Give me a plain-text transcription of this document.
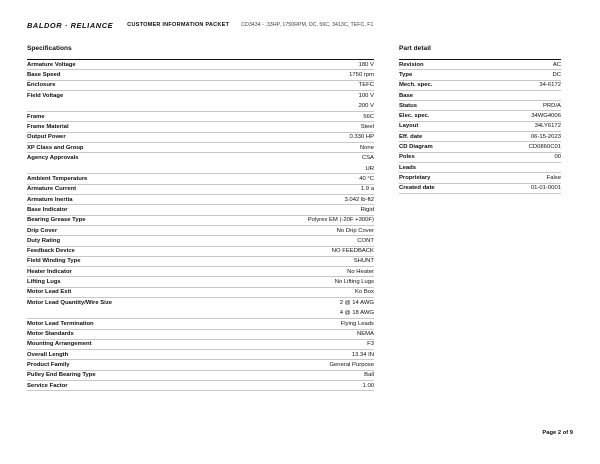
BALDOR · RELIANCE	CUSTOMER INFORMATION PACKET CD3434 - .33HP, 1750RPM, DC, 56C, 3413C, TEFC, F1
Specifications	Part detail
Armature Voltage	180 V
Base Speed	1750 rpm
Enclosure	TEFC
Field Voltage	100 V
200 V
Frame	56C
Frame Material	Steel
Output Power	0.330 HP
XP Class and Group	None
Agency Approvals	CSA
UR
Ambient Temperature	40 °C
Armature Current	1.9 a
Armature Inertia	3.042 lb-ft2
Base Indicator	Rigid
Bearing Grease Type	Polyrex EM (-20F +300F)
Drip Cover	No Drip Cover
Duty Rating	CONT
Feedback Device	NO FEEDBACK
Field Winding Type	SHUNT
Heater Indicator	No Heater
Lifting Lugs	No Lifting Lugs
Motor Lead Exit	Ko Box
Motor Lead Quantity/Wire Size	2 @ 14 AWG
4 @ 18 AWG
Motor Lead Termination	Flying Leads
Motor Standards	NEMA
Mounting Arrangement	F3
Overall Length	13.34 IN
Product Family	General Purpose
Pulley End Bearing Type	Ball
Service Factor	1.00
Revision	AC
Type	DC
Mech. spec.	34-6172
Base
Status	PRD/A
Elec. spec.	34WG4006
Layout	34LY6172
Eff. date	06-15-2023
CD Diagram	CD0860C01
Poles	00
Leads
Proprietary	False
Created date	01-01-0001
Page 2 of 9
